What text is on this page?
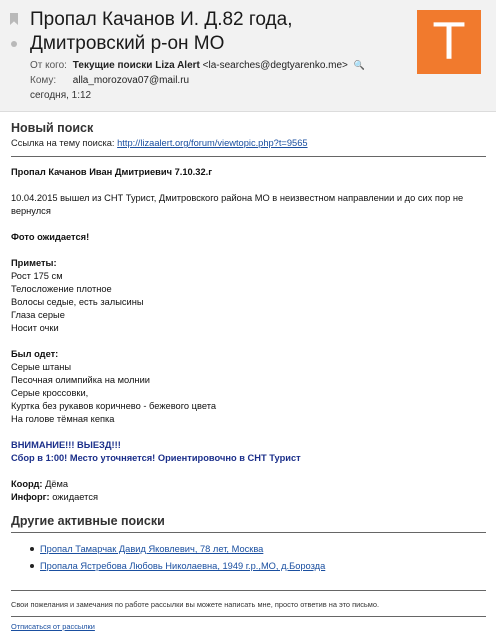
Пропал Качанов И. Д.82 года, Дмитровский р-он МО
От кого: Текущие поиски Liza Alert <la-searches@degtyarenko.me> 🔍
Кому: alla_morozova07@mail.ru
сегодня, 1:12
T
Новый поиск
Ссылка на тему поиска: http://lizaalert.org/forum/viewtopic.php?t=9565
Пропал Качанов Иван Дмитриевич 7.10.32.г
10.04.2015 вышел из СНТ Турист, Дмитровского района МО в неизвестном направлении и до сих пор не вернулся
Фото ожидается!
Приметы:
Рост 175 см
Телосложение плотное
Волосы седые, есть залысины
Глаза серые
Носит очки
Был одет:
Серые штаны
Песочная олимпийка на молнии
Серые кроссовки,
Куртка без рукавов коричнево - бежевого цвета
На голове тёмная кепка
ВНИМАНИЕ!!! ВЫЕЗД!!!
Сбор в 1:00! Место уточняется! Ориентировочно в СНТ Турист
Коорд: Дёма
Инфорг: ожидается
Другие активные поиски
Пропал Тамарчак Давид Яковлевич, 78 лет, Москва
Пропала Ястребова Любовь Николаевна, 1949 г.р.,МО, д.Бороздa
Свои пожелания и замечания по работе рассылки вы можете написать мне, просто ответив на это письмо.
Отписаться от рассылки
